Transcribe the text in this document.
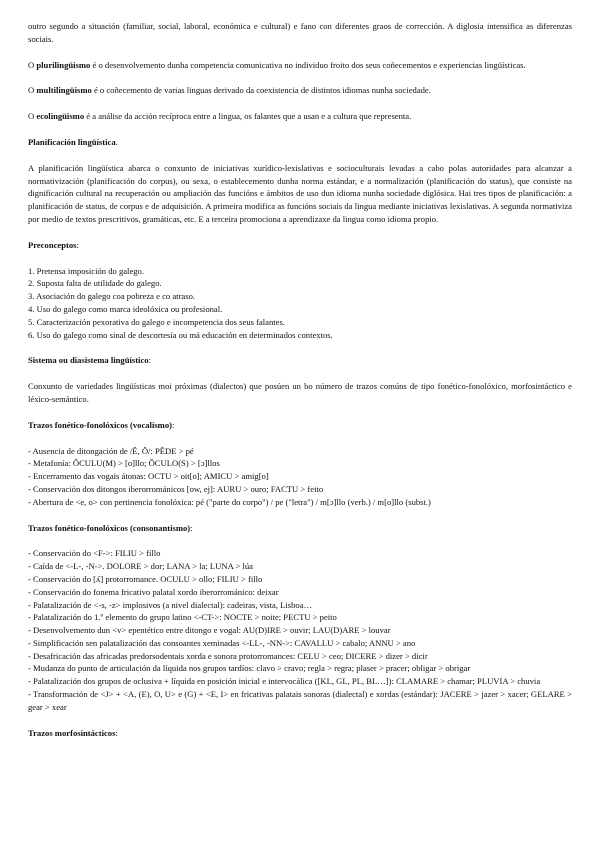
outro segundo a situación (familiar, social, laboral, económica e cultural) e fano con diferentes graos de corrección. A diglosia intensifica as diferenzas sociais.

O plurilingüismo é o desenvolvemento dunha competencia comunicativa no individuo froito dos seus coñecementos e experiencias lingüísticas.

O multilingüismo é o coñecemento de varias linguas derivado da coexistencia de distintos idiomas nunha sociedade.

O ecolingüismo é a análise da acción recíproca entre a lingua, os falantes que a usan e a cultura que representa.

Planificación lingüística.

A planificación lingüística abarca o conxunto de iniciativas xurídico-lexislativas e socioculturais levadas a cabo polas autoridades para alcanzar a normativización (planificación do corpus), ou sexa, o establecemento dunha norma estándar, e a normalización (planificación do status), que consiste na dignificación cultural na recuperación ou ampliación das funcións e ámbitos de uso dun idioma nunha sociedade diglósica. Hai tres tipos de planificación: a planificación de status, de corpus e de adquisición. A primeira modifica as funcións sociais da lingua mediante iniciativas lexislativas. A segunda normativiza por medio de textos prescritivos, gramáticas, etc. E a terceira promociona a aprendizaxe da lingua como idioma propio.

Preconceptos:

1. Pretensa imposición do galego.
2. Suposta falta de utilidade do galego.
3. Asociación do galego coa pobreza e co atraso.
4. Uso do galego como marca ideolóxica ou profesional.
5. Caracterización pexorativa do galego e incompetencia dos seus falantes.
6. Uso do galego como sinal de descortesía ou má educación en determinados contextos.

Sistema ou diasistema lingüístico:

Conxunto de variedades lingüísticas moi próximas (dialectos) que posúen un bo número de trazos comúns de tipo fonético-fonolóxico, morfosintáctico e léxico-semántico.

Trazos fonético-fonolóxicos (vocalismo):

- Ausencia de ditongación de /Ĕ, Ŏ/: PĔDE > pé
- Metafonía: ŎCULU(M) > [o]llo; ŎCULO(S) > [ɔ]llos
- Encerramento das vogais átonas: OCTU > oit[o]; AMICU > amig[o]
- Conservación dos ditongos iberorrománicos [ow, ej]: AURU > ouro; FACTU > feito
- Abertura de <e, o> con pertinencia fonolóxica: pé ("parte do corpo") / pe ("letra") / m[ɔ]llo (verb.) / m[o]llo (subst.)

Trazos fonético-fonolóxicos (consonantismo):

- Conservación do <F->: FILIU > fillo
- Caída de <-L-, -N->. DOLORE > dor; LANA > la; LUNA > lúa
- Conservación do [ʎ] protorromance. OCULU > ollo; FILIU > fillo
- Conservación do fonema fricativo palatal xordo iberorrománico: deixar
- Palatalización de <-s, -z> implosivos (a nivel dialectal): cadeiras, vista, Lisboa…
- Palatalización do 1.º elemento do grupo latino <-CT->: NOCTE > noite; PECTU > peito
- Desenvolvemento dun <v> epentético entre ditongo e vogal: AU(D)IRE > ouvir; LAU(D)ARE > louvar
- Simplificación sen palatalización das consoantes xeminadas <-LL-, -NN->: CAVALLU > cabalo; ANNU > ano
- Desafricación das africadas predorsodentais xorda e sonora protorromances: CELU > ceo; DICERE > dizer > dicir
- Mudanza do punto de articulación da líquida nos grupos tardíos: clavo > cravo; regla > regra; plaser > pracer; obligar > obrigar
- Palatalización dos grupos de oclusiva + líquida en posición inicial e intervocálica ([KL, GL, PL, BL…]): CLAMARE > chamar; PLUVIA > chuvia
- Transformación de <J> + <A, (E), O, U> e (G) + <E, I> en fricativas palatais sonoras (dialectal) e xordas (estándar): JACERE > jazer > xacer; GELARE > gear > xear

Trazos morfosintácticos:
